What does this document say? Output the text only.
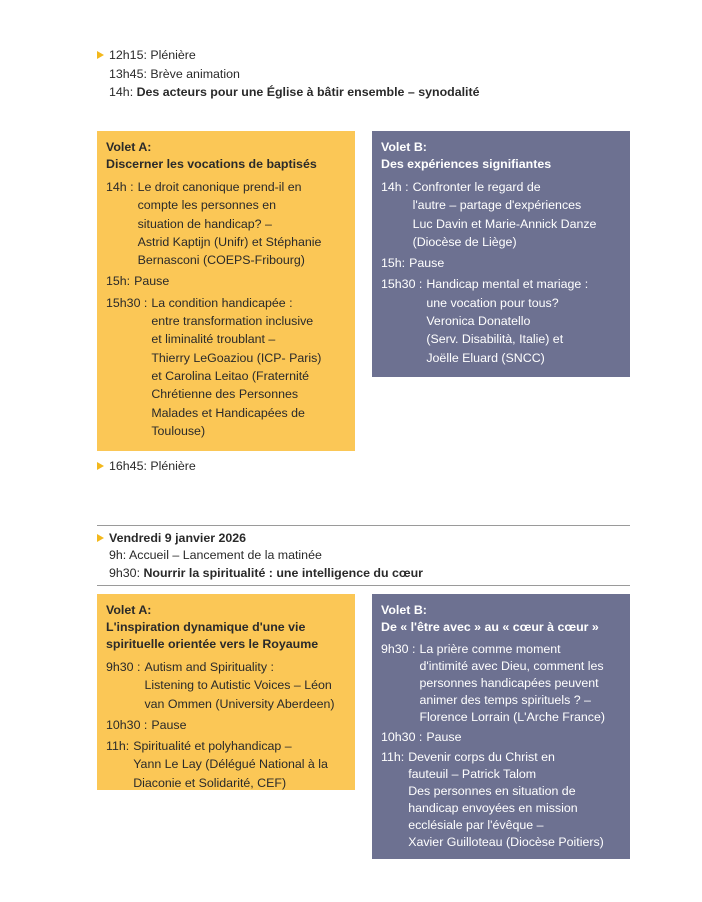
12h15: Plénière
13h45: Brève animation
14h: Des acteurs pour une Église à bâtir ensemble – synodalité
Volet A:
Discerner les vocations de baptisés
14h : Le droit canonique prend-il en
compte les personnes en
situation de handicap? –
Astrid Kaptijn (Unifr) et Stéphanie
Bernasconi (COEPS-Fribourg)
15h: Pause
15h30 : La condition handicapée :
entre transformation inclusive
et liminalité troublant –
Thierry LeGoaziou (ICP- Paris)
et Carolina Leitao (Fraternité
Chrétienne des Personnes
Malades et Handicapées de
Toulouse)
Volet B:
Des expériences signifiantes
14h : Confronter le regard de
l'autre – partage d'expériences
Luc Davin et Marie-Annick Danze
(Diocèse de Liège)
15h: Pause
15h30 : Handicap mental et mariage :
une vocation pour tous?
Veronica Donatello
(Serv. Disabilità, Italie) et
Joëlle Eluard (SNCC)
16h45: Plénière
Vendredi 9 janvier 2026
9h: Accueil – Lancement de la matinée
9h30: Nourrir la spiritualité : une intelligence du cœur
Volet A:
L'inspiration dynamique d'une vie
spirituelle orientée vers le Royaume
9h30 : Autism and Spirituality :
Listening to Autistic Voices – Léon
van Ommen (University Aberdeen)
10h30 : Pause
11h: Spiritualité et polyhandicap –
Yann Le Lay (Délégué National à la
Diaconie et Solidarité, CEF)
Volet B:
De « l'être avec » au « cœur à cœur »
9h30 : La prière comme moment
d'intimité avec Dieu, comment les
personnes handicapées peuvent
animer des temps spirituels ? –
Florence Lorrain (L'Arche France)
10h30 : Pause
11h: Devenir corps du Christ en
fauteuil – Patrick Talom
Des personnes en situation de
handicap envoyées en mission
ecclésiale par l'évêque –
Xavier Guilloteau (Diocèse Poitiers)
